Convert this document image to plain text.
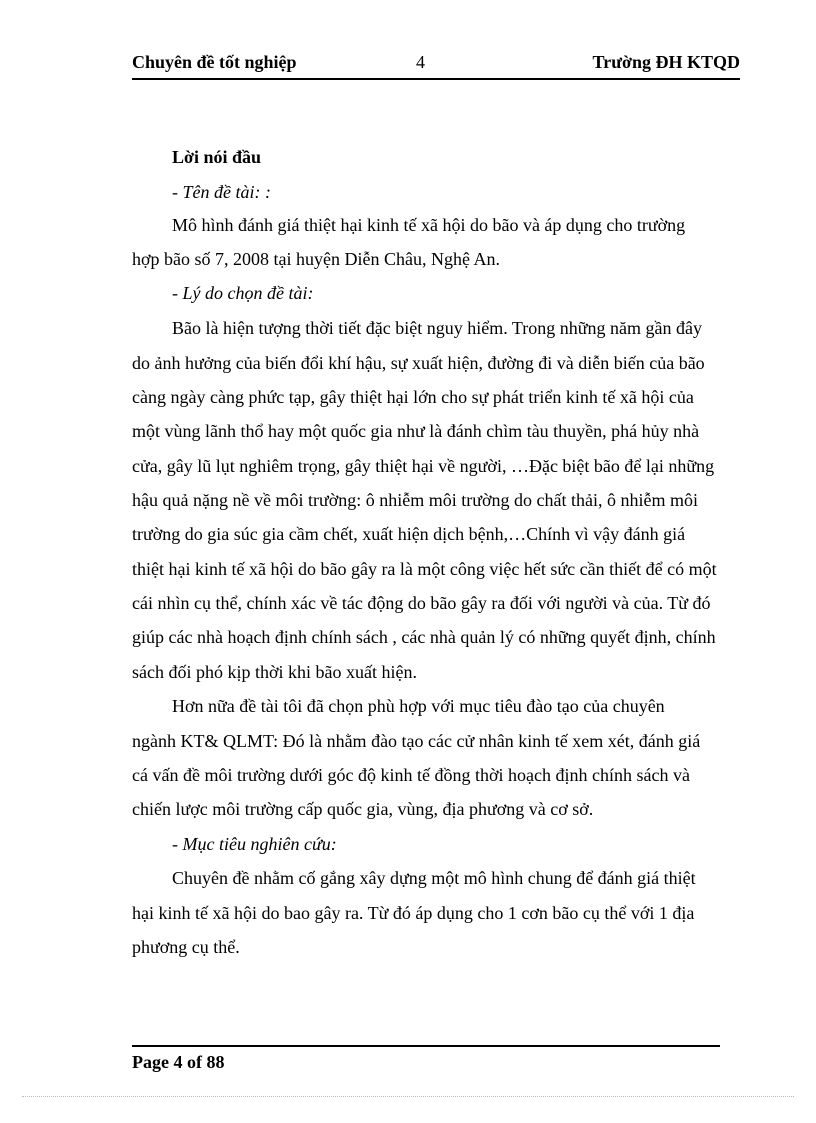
Chuyên đề tốt nghiệp	4	Trường ĐH KTQD
Lời nói đầu
- Tên đề tài: :
Mô hình đánh giá thiệt hại kinh tế xã hội do bão và áp dụng cho trường
hợp bão số 7, 2008 tại huyện Diễn Châu, Nghệ An.
- Lý do chọn đề tài:
Bão là hiện tượng thời tiết đặc biệt nguy hiểm. Trong những năm gần đây
do ảnh hưởng của biến đổi khí hậu, sự xuất hiện, đường đi và diễn biến của bão
càng ngày càng phức tạp, gây thiệt hại lớn cho sự phát triển kinh tế xã hội của
một vùng lãnh thổ hay một quốc gia như là đánh chìm tàu thuyền, phá hủy nhà
cửa, gây lũ lụt nghiêm trọng, gây thiệt hại về người, …Đặc biệt bão để lại những
hậu quả nặng nề về môi trường: ô nhiễm môi trường do chất thải, ô nhiễm môi
trường do gia súc gia cầm chết, xuất hiện dịch bệnh,…Chính vì vậy đánh giá
thiệt hại kinh tế xã hội do bão gây ra là một công việc hết sức cần thiết để có một
cái nhìn cụ thể, chính xác về tác động do bão gây ra đối với người và của. Từ đó
giúp các nhà hoạch định chính sách , các nhà quản lý có những quyết định, chính
sách đối phó kịp thời khi bão xuất hiện.
Hơn nữa đề tài tôi đã chọn phù hợp với mục tiêu đào tạo của chuyên
ngành KT& QLMT: Đó là nhằm đào tạo các cử nhân kinh tế xem xét, đánh giá
cá vấn đề môi trường dưới góc độ kinh tế đồng thời hoạch định chính sách và
chiến lược môi trường cấp quốc gia, vùng, địa phương và cơ sở.
- Mục tiêu nghiên cứu:
Chuyên đề nhằm cố gắng xây dựng một mô hình chung để đánh giá thiệt
hại kinh tế xã hội do bao gây ra. Từ đó áp dụng cho 1 cơn bão cụ thể với 1 địa
phương cụ thể.
Page 4 of 88
